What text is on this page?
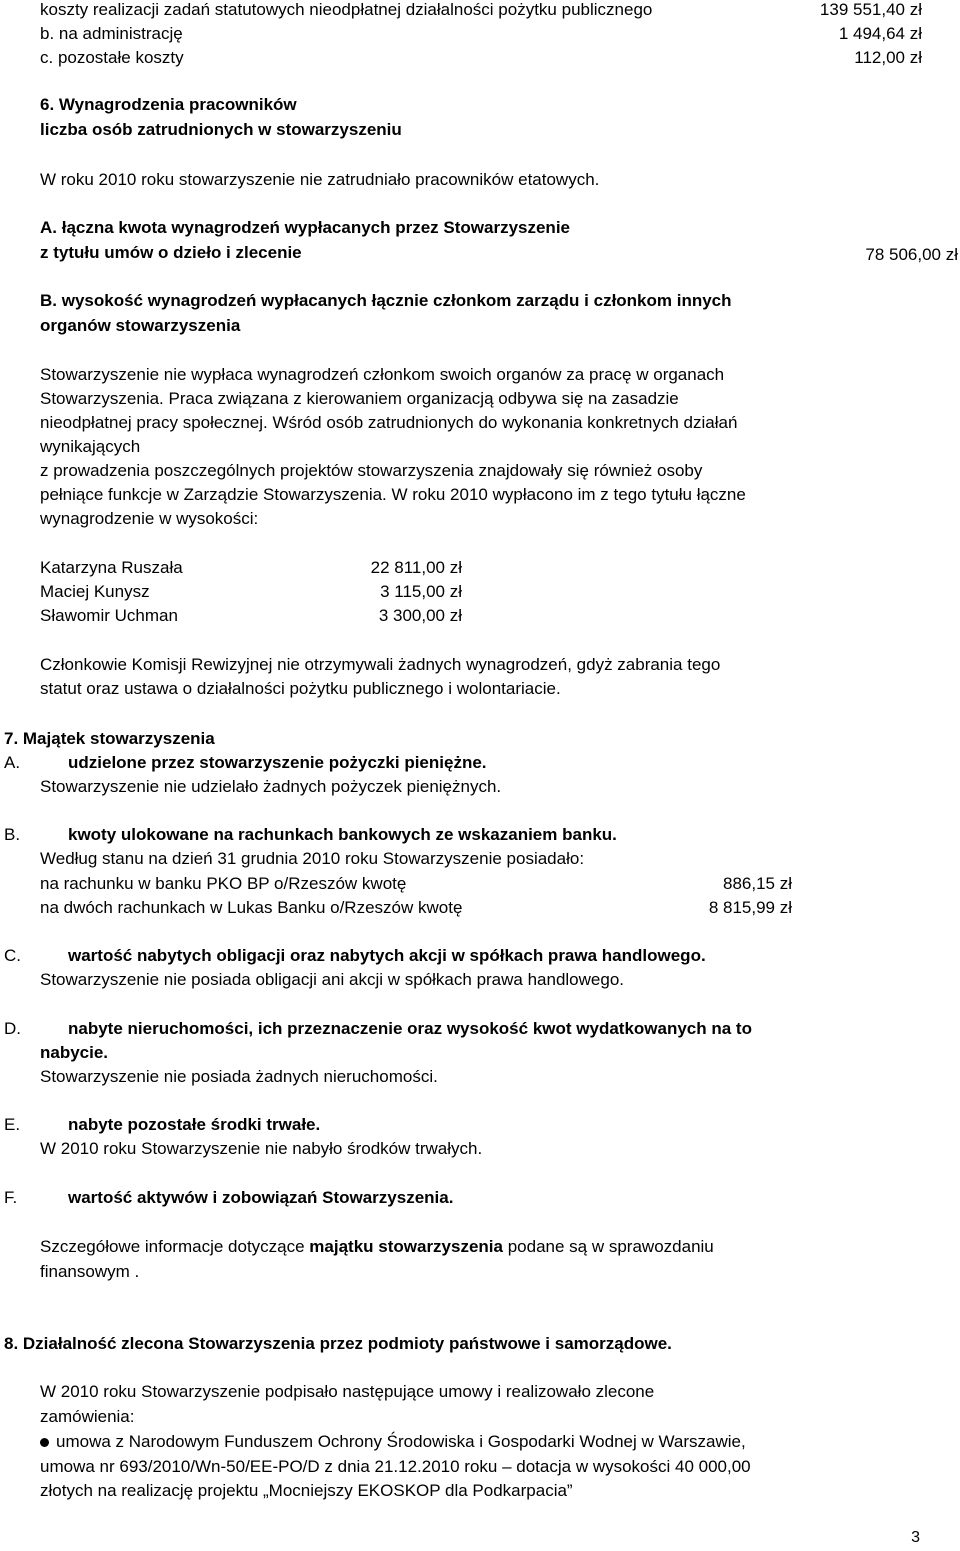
koszty realizacji zadań statutowych nieodpłatnej działalności pożytku publicznego	139 551,40 zł
b. na administrację	1 494,64 zł
c. pozostałe koszty	112,00 zł
6. Wynagrodzenia pracowników
liczba osób zatrudnionych w stowarzyszeniu
W roku 2010 roku stowarzyszenie nie zatrudniało pracowników etatowych.
A. łączna kwota wynagrodzeń wypłacanych przez Stowarzyszenie
z tytułu umów o dzieło i zlecenie	78 506,00 zł
B. wysokość wynagrodzeń wypłacanych łącznie członkom zarządu i członkom innych
organów stowarzyszenia
Stowarzyszenie nie wypłaca wynagrodzeń członkom swoich organów za pracę w organach
Stowarzyszenia. Praca związana z kierowaniem organizacją odbywa się na zasadzie
nieodpłatnej pracy społecznej. Wśród osób zatrudnionych do wykonania konkretnych działań
wynikających
z prowadzenia poszczególnych projektów stowarzyszenia znajdowały się również osoby
pełniące funkcje w Zarządzie Stowarzyszenia. W roku 2010 wypłacono im z tego tytułu łączne
wynagrodzenie w wysokości:
Katarzyna Ruszała	22 811,00 zł
Maciej Kunysz	3 115,00 zł
Sławomir Uchman	3 300,00 zł
Członkowie Komisji Rewizyjnej nie otrzymywali żadnych wynagrodzeń, gdyż zabrania tego
statut oraz ustawa o działalności pożytku publicznego i wolontariacie.
7. Majątek stowarzyszenia
A.	udzielone przez stowarzyszenie pożyczki pieniężne.
Stowarzyszenie nie udzielało żadnych pożyczek pieniężnych.
B.	kwoty ulokowane na rachunkach bankowych ze wskazaniem banku.
Według stanu na dzień 31 grudnia 2010 roku Stowarzyszenie posiadało:
na rachunku w banku PKO BP o/Rzeszów kwotę	886,15 zł
na dwóch rachunkach w Lukas Banku o/Rzeszów kwotę	8 815,99 zł
C.	wartość nabytych obligacji oraz nabytych akcji w spółkach prawa handlowego.
Stowarzyszenie nie posiada obligacji ani akcji w spółkach prawa handlowego.
D.	nabyte nieruchomości, ich przeznaczenie oraz wysokość kwot wydatkowanych na to
nabycie.
Stowarzyszenie nie posiada żadnych nieruchomości.
E.	nabyte pozostałe środki trwałe.
W 2010 roku Stowarzyszenie nie nabyło środków trwałych.
F.	wartość aktywów i zobowiązań Stowarzyszenia.
Szczegółowe informacje dotyczące majątku stowarzyszenia podane są w sprawozdaniu
finansowym .
8. Działalność zlecona Stowarzyszenia przez podmioty państwowe i samorządowe.
W 2010 roku Stowarzyszenie podpisało następujące umowy i realizowało zlecone
zamówienia:
umowa z Narodowym Funduszem Ochrony Środowiska i Gospodarki Wodnej w Warszawie,
umowa nr 693/2010/Wn-50/EE-PO/D z dnia 21.12.2010 roku – dotacja w wysokości 40 000,00
złotych na realizację projektu „Mocniejszy EKOSKOP dla Podkarpacia”
3
